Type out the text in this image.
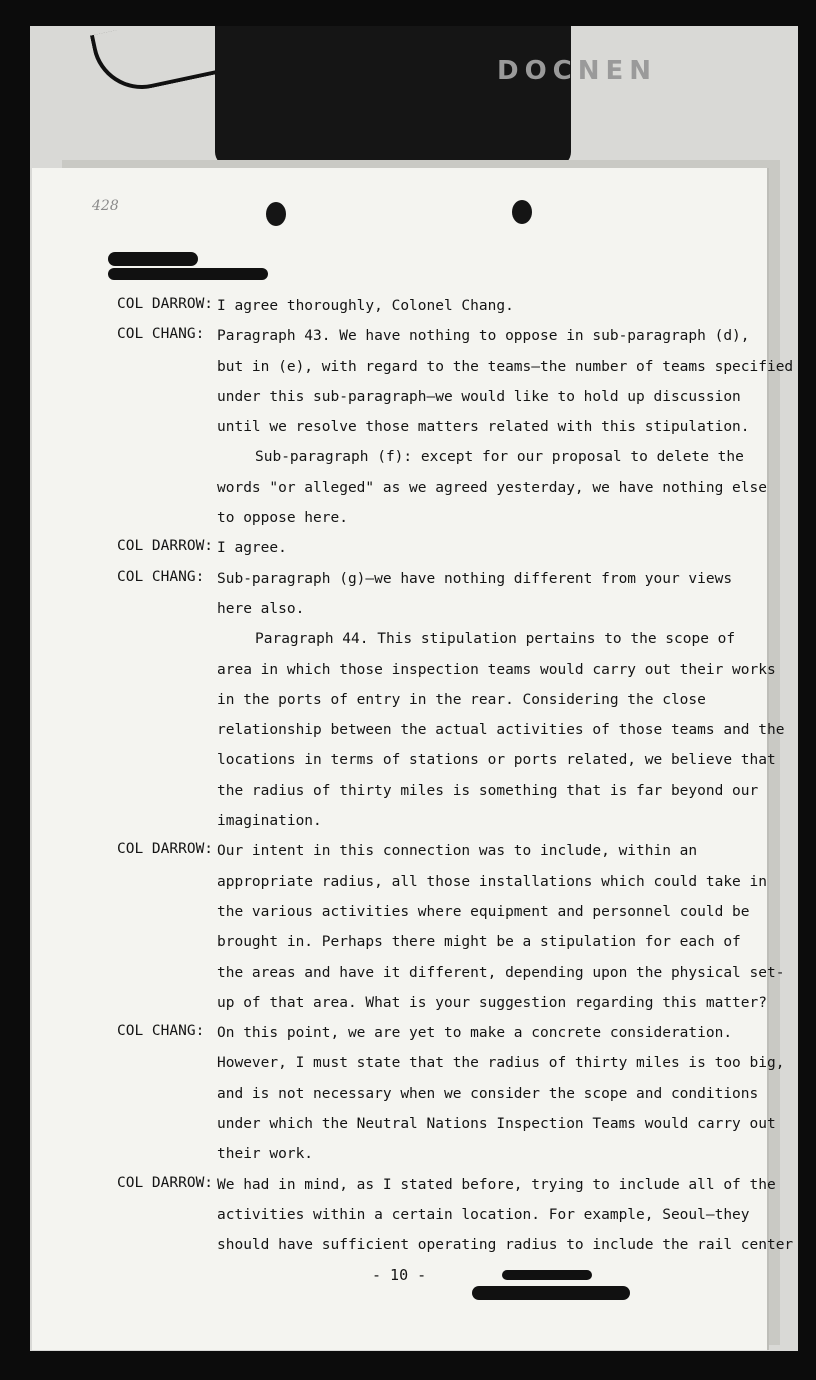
DOCNEN
428
COL DARROW: I agree thoroughly, Colonel Chang.
COL CHANG: Paragraph 43. We have nothing to oppose in sub-paragraph (d),
but in (e), with regard to the teams—the number of teams specified
under this sub-paragraph—we would like to hold up discussion
until we resolve those matters related with this stipulation.
Sub-paragraph (f): except for our proposal to delete the
words "or alleged" as we agreed yesterday, we have nothing else
to oppose here.
COL DARROW: I agree.
COL CHANG: Sub-paragraph (g)—we have nothing different from your views
here also.
Paragraph 44. This stipulation pertains to the scope of
area in which those inspection teams would carry out their works
in the ports of entry in the rear. Considering the close
relationship between the actual activities of those teams and the
locations in terms of stations or ports related, we believe that
the radius of thirty miles is something that is far beyond our
imagination.
COL DARROW: Our intent in this connection was to include, within an
appropriate radius, all those installations which could take in
the various activities where equipment and personnel could be
brought in. Perhaps there might be a stipulation for each of
the areas and have it different, depending upon the physical set-
up of that area. What is your suggestion regarding this matter?
COL CHANG: On this point, we are yet to make a concrete consideration.
However, I must state that the radius of thirty miles is too big,
and is not necessary when we consider the scope and conditions
under which the Neutral Nations Inspection Teams would carry out
their work.
COL DARROW: We had in mind, as I stated before, trying to include all of the
activities within a certain location. For example, Seoul—they
should have sufficient operating radius to include the rail center
- 10 -
